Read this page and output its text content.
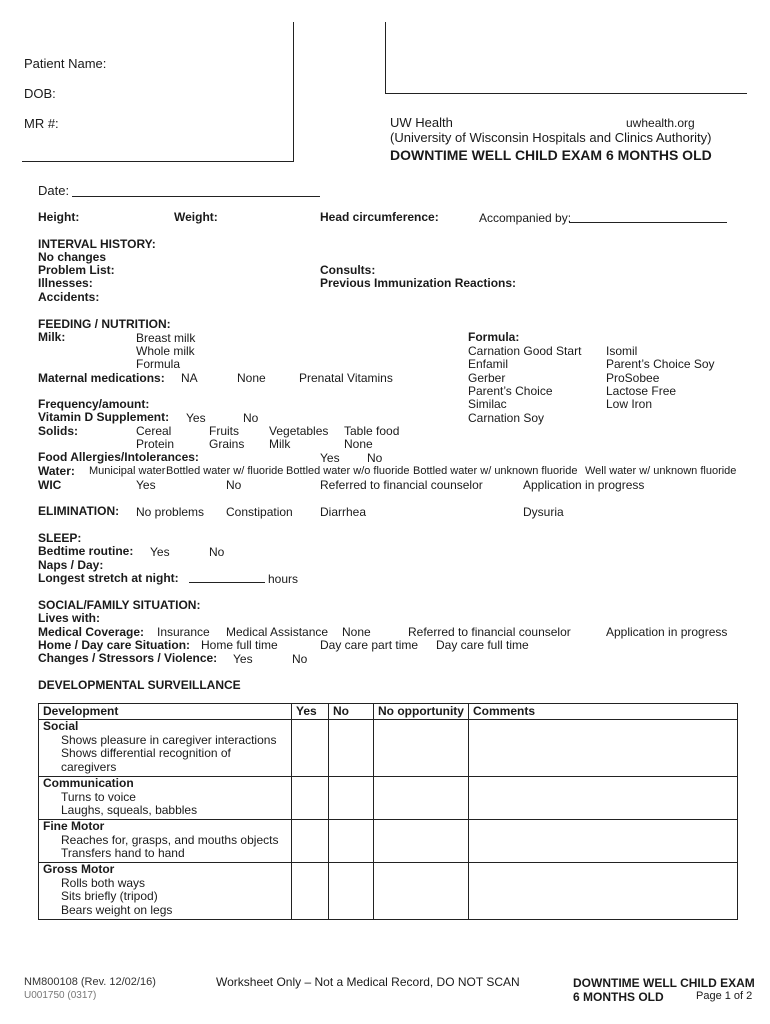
Patient Name:
DOB:
MR #:	UW Health	uwhealth.org
(University of Wisconsin Hospitals and Clinics Authority)
DOWNTIME WELL CHILD EXAM 6 MONTHS OLD
Date:
Height:	Weight:	Head circumference:	Accompanied by:
INTERVAL HISTORY:
No changes
Problem List:
Illnesses:
Accidents:
Consults:
Previous Immunization Reactions:
FEEDING / NUTRITION:
Milk:	Breast milk
Whole milk
Formula
Maternal medications: NA	None	Prenatal Vitamins
Formula:
Carnation Good Start
Enfamil
Gerber
Parent’s Choice
Similac
Carnation Soy
Isomil
Parent’s Choice Soy
ProSobee
Lactose Free
Low Iron
Frequency/amount:
Vitamin D Supplement: Yes	No
Solids:	Cereal	Fruits	Vegetables Table food
Protein	Grains Milk	None
Food Allergies/Intolerances:	Yes No
Water: Municipal water Bottled water w/ fluoride Bottled water w/o fluoride Bottled water w/ unknown fluoride Well water w/ unknown fluoride
WIC	Yes	No	Referred to financial counselor	Application in progress
ELIMINATION: No problems Constipation Diarrhea	Dysuria
SLEEP:
Bedtime routine: Yes	No
Naps / Day:
Longest stretch at night:	hours
SOCIAL/FAMILY SITUATION:
Lives with:
Medical Coverage: Insurance Medical Assistance None	Referred to financial counselor	Application in progress
Home / Day care Situation: Home full time	Day care part time Day care full time
Changes / Stressors / Violence: Yes	No
DEVELOPMENTAL SURVEILLANCE
Development	Yes	No	No opportunity	Comments

Social
Shows pleasure in caregiver interactions
Shows differential recognition of caregivers				

Communication
Turns to voice
Laughs, squeals, babbles				

Fine Motor
Reaches for, grasps, and mouths objects
Transfers hand to hand				

Gross Motor
Rolls both ways
Sits briefly (tripod)
Bears weight on legs				

NM800108 (Rev. 12/02/16)
U001750 (0317)
Worksheet Only – Not a Medical Record, DO NOT SCAN	DOWNTIME WELL CHILD EXAM
6 MONTHS OLD	Page 1 of 2
